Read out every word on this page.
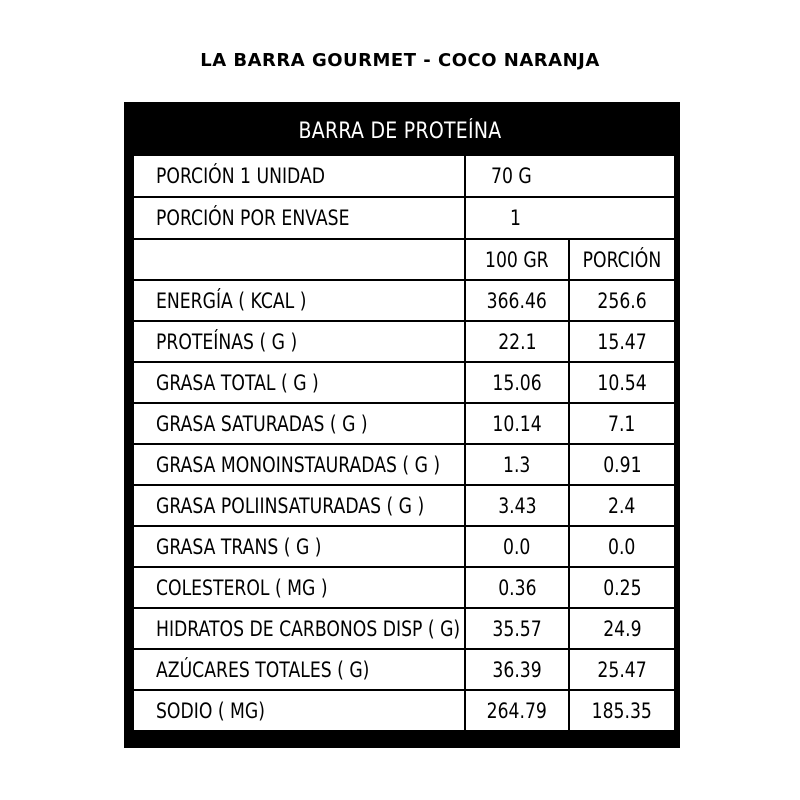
LA BARRA GOURMET - COCO NARANJA
BARRA DE PROTEÍNA
PORCIÓN 1 UNIDAD	70 G	
PORCIÓN POR ENVASE	1	
	100 GR	PORCIÓN
ENERGÍA ( KCAL )	366.46	256.6
PROTEÍNAS ( G )	22.1	15.47
GRASA TOTAL ( G )	15.06	10.54
GRASA SATURADAS ( G )	10.14	7.1
GRASA MONOINSTAURADAS ( G )	1.3	0.91
GRASA POLIINSATURADAS ( G )	3.43	2.4
GRASA TRANS ( G )	0.0	0.0
COLESTEROL ( MG )	0.36	0.25
HIDRATOS DE CARBONOS DISP ( G)	35.57	24.9
AZÚCARES TOTALES ( G)	36.39	25.47
SODIO ( MG)	264.79	185.35
